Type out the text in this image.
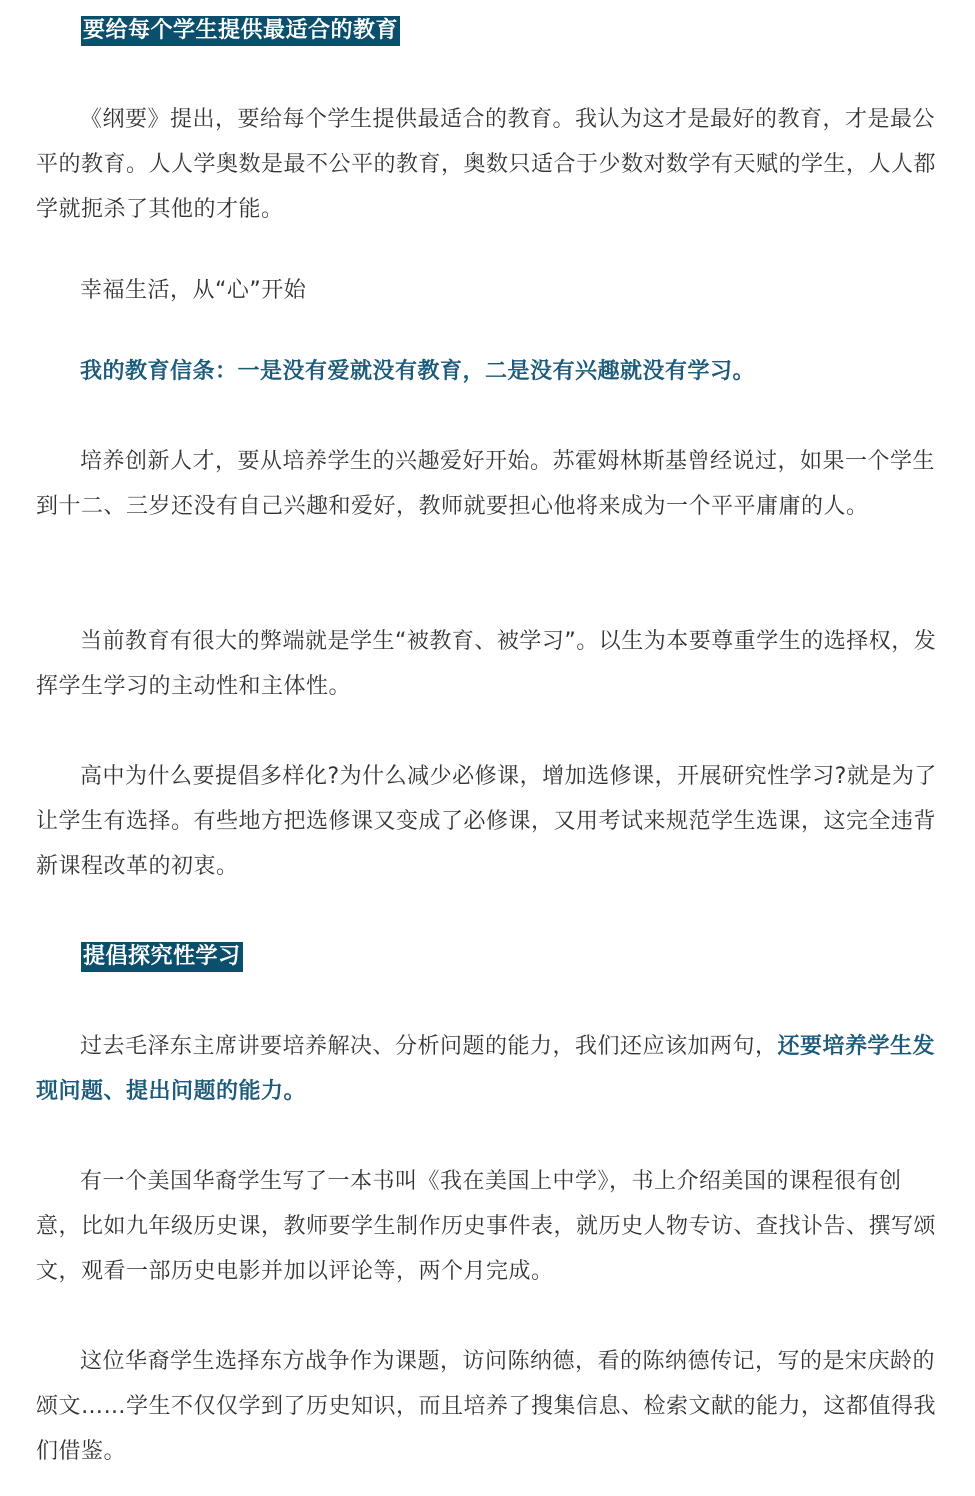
要给每个学生提供最适合的教育

《纲要》提出，要给每个学生提供最适合的教育。我认为这才是最好的教育，才是最公平的教育。人人学奥数是最不公平的教育，奥数只适合于少数对数学有天赋的学生，人人都学就扼杀了其他的才能。

幸福生活，从“心”开始

我的教育信条：一是没有爱就没有教育，二是没有兴趣就没有学习。

培养创新人才，要从培养学生的兴趣爱好开始。苏霍姆林斯基曾经说过，如果一个学生到十二、三岁还没有自己兴趣和爱好，教师就要担心他将来成为一个平平庸庸的人。

当前教育有很大的弊端就是学生“被教育、被学习”。以生为本要尊重学生的选择权，发挥学生学习的主动性和主体性。

高中为什么要提倡多样化?为什么减少必修课，增加选修课，开展研究性学习?就是为了让学生有选择。有些地方把选修课又变成了必修课，又用考试来规范学生选课，这完全违背新课程改革的初衷。

提倡探究性学习

过去毛泽东主席讲要培养解决、分析问题的能力，我们还应该加两句，还要培养学生发现问题、提出问题的能力。

有一个美国华裔学生写了一本书叫《我在美国上中学》，书上介绍美国的课程很有创意，比如九年级历史课，教师要学生制作历史事件表，就历史人物专访、查找讣告、撰写颂文，观看一部历史电影并加以评论等，两个月完成。

这位华裔学生选择东方战争作为课题，访问陈纳德，看的陈纳德传记，写的是宋庆龄的颂文……学生不仅仅学到了历史知识，而且培养了搜集信息、检索文献的能力，这都值得我们借鉴。
